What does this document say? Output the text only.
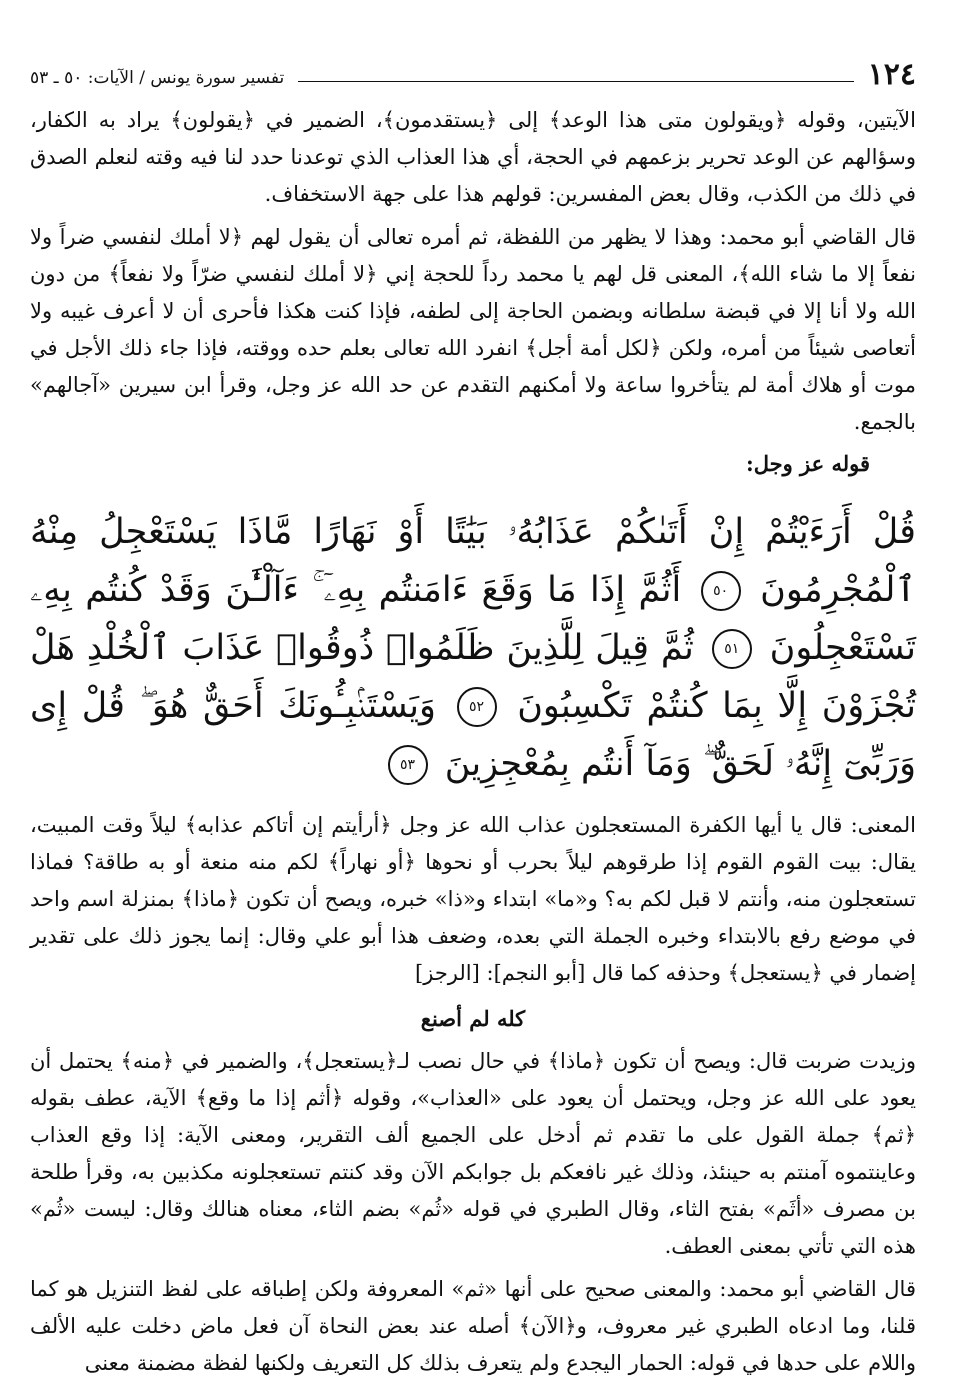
١٢٤
تفسير سورة يونس / الآيات: ٥٠ ـ ٥٣

الآيتين، وقوله ﴿ويقولون متى هذا الوعد﴾ إلى ﴿يستقدمون﴾، الضمير في ﴿يقولون﴾ يراد به الكفار، وسؤالهم عن الوعد تحرير بزعمهم في الحجة، أي هذا العذاب الذي توعدنا حدد لنا فيه وقته لنعلم الصدق في ذلك من الكذب، وقال بعض المفسرين: قولهم هذا على جهة الاستخفاف.

قال القاضي أبو محمد: وهذا لا يظهر من اللفظة، ثم أمره تعالى أن يقول لهم ﴿لا أملك لنفسي ضراً ولا نفعاً إلا ما شاء الله﴾، المعنى قل لهم يا محمد رداً للحجة إني ﴿لا أملك لنفسي ضرّاً ولا نفعاً﴾ من دون الله ولا أنا إلا في قبضة سلطانه وبضمن الحاجة إلى لطفه، فإذا كنت هكذا فأحرى أن لا أعرف غيبه ولا أتعاصى شيئاً من أمره، ولكن ﴿لكل أمة أجل﴾ انفرد الله تعالى بعلم حده ووقته، فإذا جاء ذلك الأجل في موت أو هلاك أمة لم يتأخروا ساعة ولا أمكنهم التقدم عن حد الله عز وجل، وقرأ ابن سيرين «آجالهم» بالجمع.

قوله عز وجل:

قُلْ أَرَءَيْتُمْ إِنْ أَتَىٰكُمْ عَذَابُهُۥ بَيَٰتًا أَوْ نَهَارًا مَّاذَا يَسْتَعْجِلُ مِنْهُ ٱلْمُجْرِمُونَ ٥٠ أَثُمَّ إِذَا مَا وَقَعَ ءَامَنتُم بِهِۦٓ ۚ ءَآلْـَٰٔنَ وَقَدْ كُنتُم بِهِۦ تَسْتَعْجِلُونَ ٥١ ثُمَّ قِيلَ لِلَّذِينَ ظَلَمُوا۟ ذُوقُوا۟ عَذَابَ ٱلْخُلْدِ هَلْ تُجْزَوْنَ إِلَّا بِمَا كُنتُمْ تَكْسِبُونَ ٥٢ وَيَسْتَنۢبِـُٔونَكَ أَحَقٌّ هُوَ ۖ قُلْ إِى وَرَبِّىٓ إِنَّهُۥ لَحَقٌّ ۖ وَمَآ أَنتُم بِمُعْجِزِينَ ٥٣

المعنى: قال يا أيها الكفرة المستعجلون عذاب الله عز وجل ﴿أرأيتم إن أتاكم عذابه﴾ ليلاً وقت المبيت، يقال: بيت القوم القوم إذا طرقوهم ليلاً بحرب أو نحوها ﴿أو نهاراً﴾ لكم منه منعة أو به طاقة؟ فماذا تستعجلون منه، وأنتم لا قبل لكم به؟ و«ما» ابتداء و«ذا» خبره، ويصح أن تكون ﴿ماذا﴾ بمنزلة اسم واحد في موضع رفع بالابتداء وخبره الجملة التي بعده، وضعف هذا أبو علي وقال: إنما يجوز ذلك على تقدير إضمار في ﴿يستعجل﴾ وحذفه كما قال [أبو النجم]: [الرجز]

كله لم أصنع

وزيدت ضربت قال: ويصح أن تكون ﴿ماذا﴾ في حال نصب لـ﴿يستعجل﴾، والضمير في ﴿منه﴾ يحتمل أن يعود على الله عز وجل، ويحتمل أن يعود على «العذاب»، وقوله ﴿أثم إذا ما وقع﴾ الآية، عطف بقوله ﴿ثم﴾ جملة القول على ما تقدم ثم أدخل على الجميع ألف التقرير، ومعنى الآية: إذا وقع العذاب وعاينتموه آمنتم به حينئذ، وذلك غير نافعكم بل جوابكم الآن وقد كنتم تستعجلونه مكذبين به، وقرأ طلحة بن مصرف «أثَم» بفتح الثاء، وقال الطبري في قوله «ثُم» بضم الثاء، معناه هنالك وقال: ليست «ثُم» هذه التي تأتي بمعنى العطف.

قال القاضي أبو محمد: والمعنى صحيح على أنها «ثم» المعروفة ولكن إطباقه على لفظ التنزيل هو كما قلنا، وما ادعاه الطبري غير معروف، و﴿الآن﴾ أصله عند بعض النحاة آن فعل ماض دخلت عليه الألف واللام على حدها في قوله: الحمار اليجدع ولم يتعرف بذلك كل التعريف ولكنها لفظة مضمنة معنى
